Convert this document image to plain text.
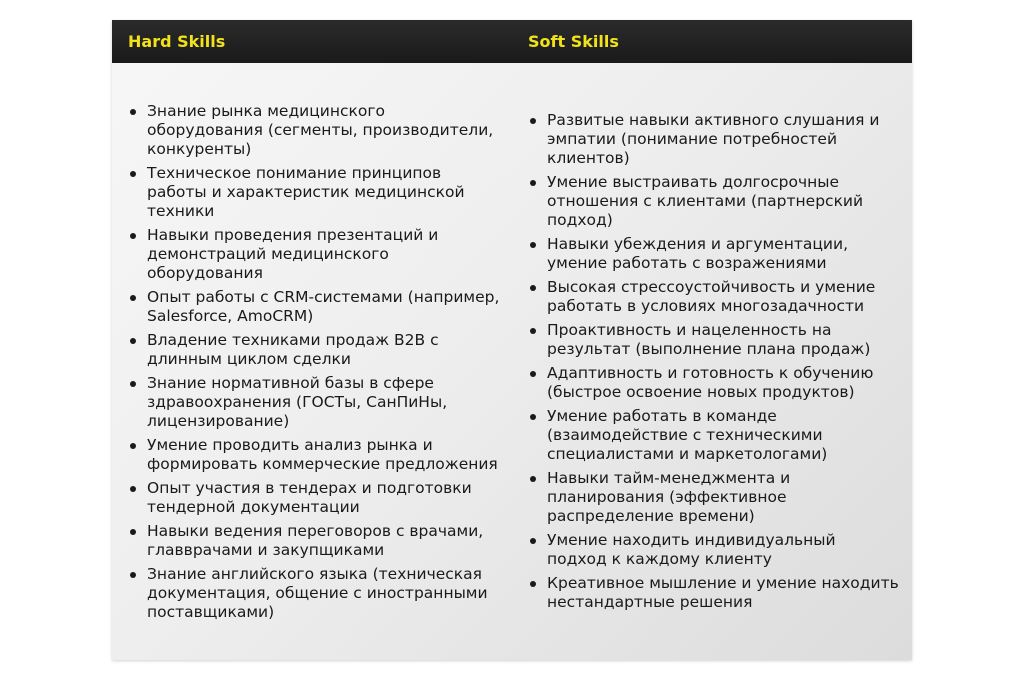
Hard Skills	Soft Skills
Знание рынка медицинского оборудования (сегменты, производители, конкуренты)
Техническое понимание принципов работы и характеристик медицинской техники
Навыки проведения презентаций и демонстраций медицинского оборудования
Опыт работы с CRM-системами (например, Salesforce, AmoCRM)
Владение техниками продаж B2B с длинным циклом сделки
Знание нормативной базы в сфере здравоохранения (ГОСТы, СанПиНы, лицензирование)
Умение проводить анализ рынка и формировать коммерческие предложения
Опыт участия в тендерах и подготовки тендерной документации
Навыки ведения переговоров с врачами, главврачами и закупщиками
Знание английского языка (техническая документация, общение с иностранными поставщиками)
Развитые навыки активного слушания и эмпатии (понимание потребностей клиентов)
Умение выстраивать долгосрочные отношения с клиентами (партнерский подход)
Навыки убеждения и аргументации, умение работать с возражениями
Высокая стрессоустойчивость и умение работать в условиях многозадачности
Проактивность и нацеленность на результат (выполнение плана продаж)
Адаптивность и готовность к обучению (быстрое освоение новых продуктов)
Умение работать в команде (взаимодействие с техническими специалистами и маркетологами)
Навыки тайм-менеджмента и планирования (эффективное распределение времени)
Умение находить индивидуальный подход к каждому клиенту
Креативное мышление и умение находить нестандартные решения
